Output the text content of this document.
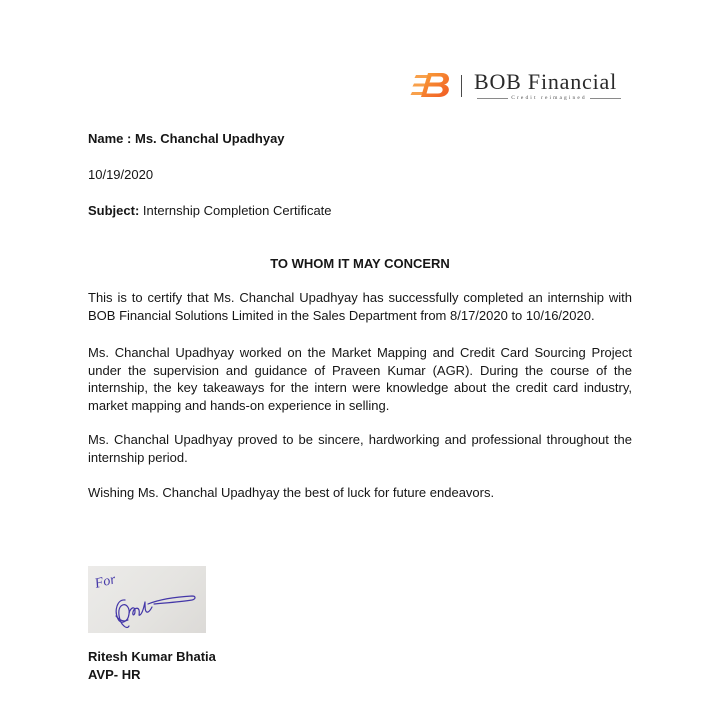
BOB Financial
Credit reimagined
Name : Ms. Chanchal Upadhyay
10/19/2020
Subject: Internship Completion Certificate
TO WHOM IT MAY CONCERN
This is to certify that Ms. Chanchal Upadhyay has successfully completed an internship with
BOB Financial Solutions Limited in the Sales Department from 8/17/2020 to 10/16/2020.
Ms. Chanchal Upadhyay worked on the Market Mapping and Credit Card Sourcing Project
under the supervision and guidance of Praveen Kumar (AGR). During the course of the
internship, the key takeaways for the intern were knowledge about the credit card industry,
market mapping and hands-on experience in selling.
Ms. Chanchal Upadhyay proved to be sincere, hardworking and professional throughout the
internship period.
Wishing Ms. Chanchal Upadhyay the best of luck for future endeavors.
For
Ritesh Kumar Bhatia
AVP- HR
